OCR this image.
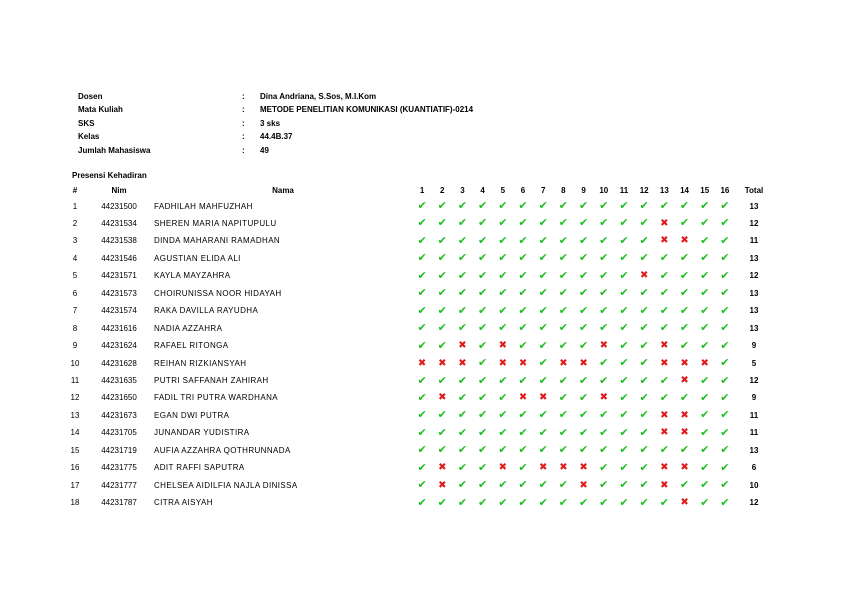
Dosen	: Dina Andriana, S.Sos, M.I.Kom
Mata Kuliah	: METODE PENELITIAN KOMUNIKASI (KUANTIATIF)-0214
SKS	: 3 sks
Kelas	: 44.4B.37
Jumlah Mahasiswa	: 49
Presensi Kehadiran
#	Nim	Nama	1	2	3	4	5	6	7	8	9	10	11	12	13	14	15	16	Total
1	44231500	FADHILAH MAHFUZHAH	✔	✔	✔	✔	✔	✔	✔	✔	✔	✔	✔	✔	✔	✔	✔	✔	13
2	44231534	SHEREN MARIA NAPITUPULU	✔	✔	✔	✔	✔	✔	✔	✔	✔	✔	✔	✔	✖	✔	✔	✔	12
3	44231538	DINDA MAHARANI RAMADHAN	✔	✔	✔	✔	✔	✔	✔	✔	✔	✔	✔	✔	✖	✖	✔	✔	11
4	44231546	AGUSTIAN ELIDA ALI	✔	✔	✔	✔	✔	✔	✔	✔	✔	✔	✔	✔	✔	✔	✔	✔	13
5	44231571	KAYLA MAYZAHRA	✔	✔	✔	✔	✔	✔	✔	✔	✔	✔	✔	✖	✔	✔	✔	✔	12
6	44231573	CHOIRUNISSA NOOR HIDAYAH	✔	✔	✔	✔	✔	✔	✔	✔	✔	✔	✔	✔	✔	✔	✔	✔	13
7	44231574	RAKA DAVILLA RAYUDHA	✔	✔	✔	✔	✔	✔	✔	✔	✔	✔	✔	✔	✔	✔	✔	✔	13
8	44231616	NADIA AZZAHRA	✔	✔	✔	✔	✔	✔	✔	✔	✔	✔	✔	✔	✔	✔	✔	✔	13
9	44231624	RAFAEL RITONGA	✔	✔	✖	✔	✖	✔	✔	✔	✔	✖	✔	✔	✖	✔	✔	✔	9
10	44231628	REIHAN RIZKIANSYAH	✖	✖	✖	✔	✖	✖	✔	✖	✖	✔	✔	✔	✖	✖	✖	✔	5
11	44231635	PUTRI SAFFANAH ZAHIRAH	✔	✔	✔	✔	✔	✔	✔	✔	✔	✔	✔	✔	✔	✖	✔	✔	12
12	44231650	FADIL TRI PUTRA WARDHANA	✔	✖	✔	✔	✔	✖	✖	✔	✔	✖	✔	✔	✔	✔	✔	✔	9
13	44231673	EGAN DWI PUTRA	✔	✔	✔	✔	✔	✔	✔	✔	✔	✔	✔	✔	✖	✖	✔	✔	11
14	44231705	JUNANDAR YUDISTIRA	✔	✔	✔	✔	✔	✔	✔	✔	✔	✔	✔	✔	✖	✖	✔	✔	11
15	44231719	AUFIA AZZAHRA QOTHRUNNADA	✔	✔	✔	✔	✔	✔	✔	✔	✔	✔	✔	✔	✔	✔	✔	✔	13
16	44231775	ADIT RAFFI SAPUTRA	✔	✖	✔	✔	✖	✔	✖	✖	✖	✔	✔	✔	✖	✖	✔	✔	6
17	44231777	CHELSEA AIDILFIA NAJLA DINISSA	✔	✖	✔	✔	✔	✔	✔	✔	✖	✔	✔	✔	✖	✔	✔	✔	10
18	44231787	CITRA AISYAH	✔	✔	✔	✔	✔	✔	✔	✔	✔	✔	✔	✔	✔	✖	✔	✔	12
